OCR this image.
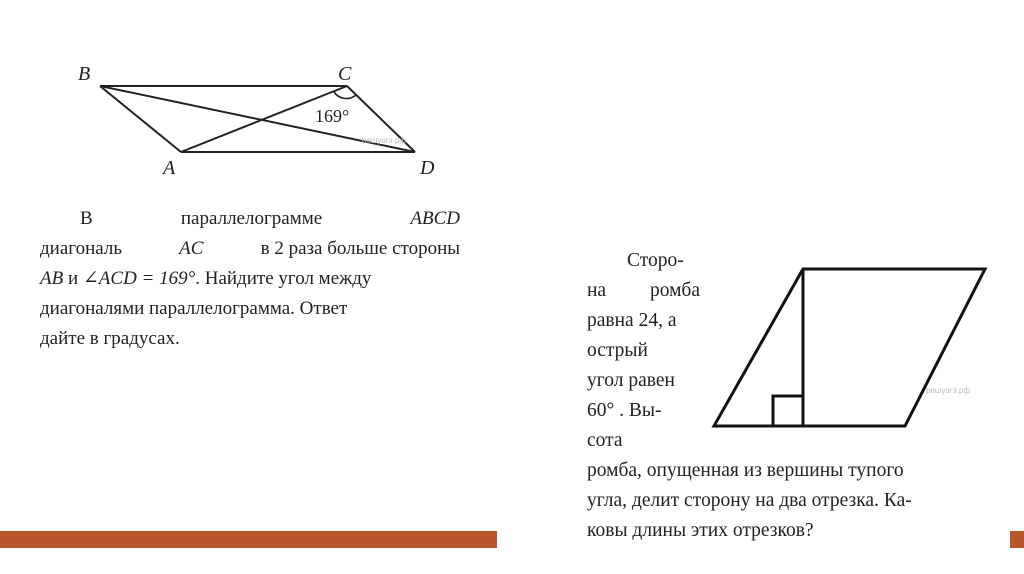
B	C
A	D
169°
решуогэ.рф
В	параллелограмме	ABCD
диагональ	AC	в 2 раза больше стороны
AB и ∠ACD = 169°. Найдите угол между
диагоналями параллелограмма. Ответ
дайте в градусах.
решуогэ.рф
Сторо-
на ромба
равна 24, а
острый
угол равен
60° . Вы-
сота
ромба, опущенная из вершины тупого
угла, делит сторону на два отрезка. Ка-
ковы длины этих отрезков?
